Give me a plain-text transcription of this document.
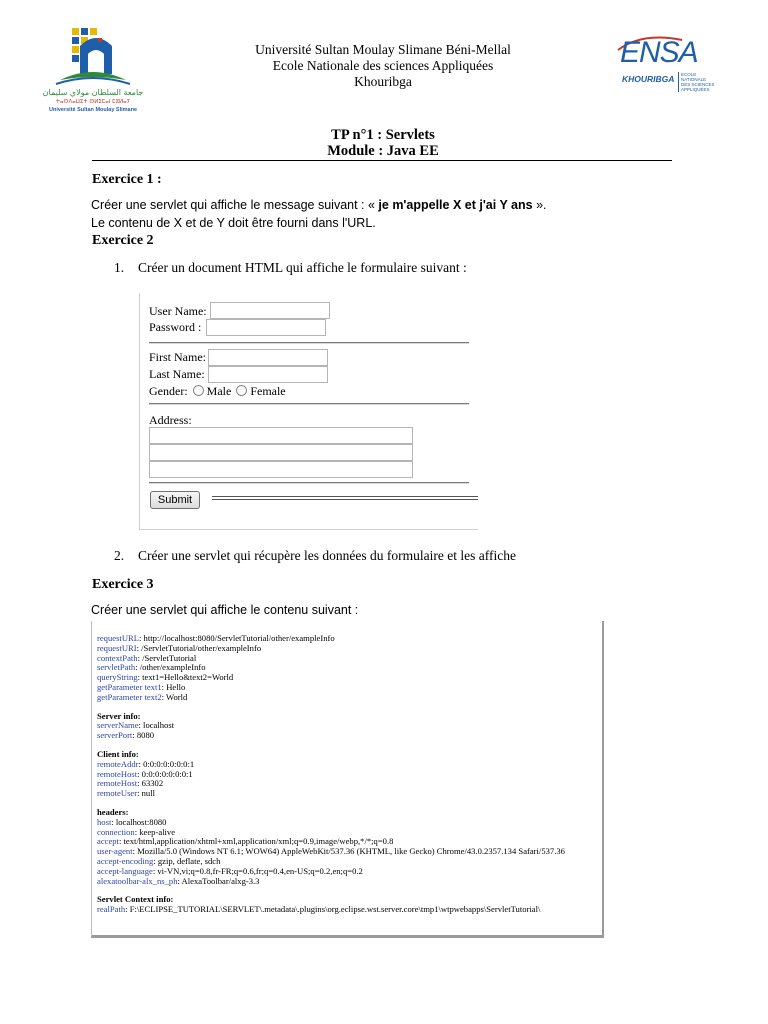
جامعة السلطان مولاي سليمان
ⵜⴰⵙⴷⴰⵡⵉⵜ ⵙⵍⵉⵎⴰⵏ ⵎⵓⵍⴰⵢ
Université Sultan Moulay Slimane
Université Sultan Moulay Slimane Béni-Mellal
Ecole Nationale des sciences Appliquées
Khouribga
ENSA
KHOURIBGA ECOLE
NATIONALE
DES SCIENCES
APPLIQUÉES
TP n°1 : Servlets
Module : Java EE
Exercice 1 :
Créer une servlet qui affiche le message suivant : « je m'appelle X et j'ai Y ans ».
Le contenu de X et de Y doit être fourni dans l'URL.
Exercice 2
1. Créer un document HTML qui affiche le formulaire suivant :
User Name:
Password :
First Name:
Last Name:
Gender: Male Female
Address:
Submit
2. Créer une servlet qui récupère les données du formulaire et les affiche
Exercice 3
Créer une servlet qui affiche le contenu suivant :
requestURL: http://localhost:8080/ServletTutorial/other/exampleInfo
requestURI: /ServletTutorial/other/exampleInfo
contextPath: /ServletTutorial
servletPath: /other/exampleInfo
queryString: text1=Hello&text2=World
getParameter text1: Hello
getParameter text2: World
Server info:
serverName: localhost
serverPort: 8080
Client info:
remoteAddr: 0:0:0:0:0:0:0:1
remoteHost: 0:0:0:0:0:0:0:1
remoteHost: 63302
remoteUser: null
headers:
host: localhost:8080
connection: keep-alive
accept: text/html,application/xhtml+xml,application/xml;q=0.9,image/webp,*/*;q=0.8
user-agent: Mozilla/5.0 (Windows NT 6.1; WOW64) AppleWebKit/537.36 (KHTML, like Gecko) Chrome/43.0.2357.134 Safari/537.36
accept-encoding: gzip, deflate, sdch
accept-language: vi-VN,vi;q=0.8,fr-FR;q=0.6,fr;q=0.4,en-US;q=0.2,en;q=0.2
alexatoolbar-alx_ns_ph: AlexaToolbar/alxg-3.3
Servlet Context info:
realPath: F:\ECLIPSE_TUTORIAL\SERVLET\.metadata\.plugins\org.eclipse.wst.server.core\tmp1\wtpwebapps\ServletTutorial\
